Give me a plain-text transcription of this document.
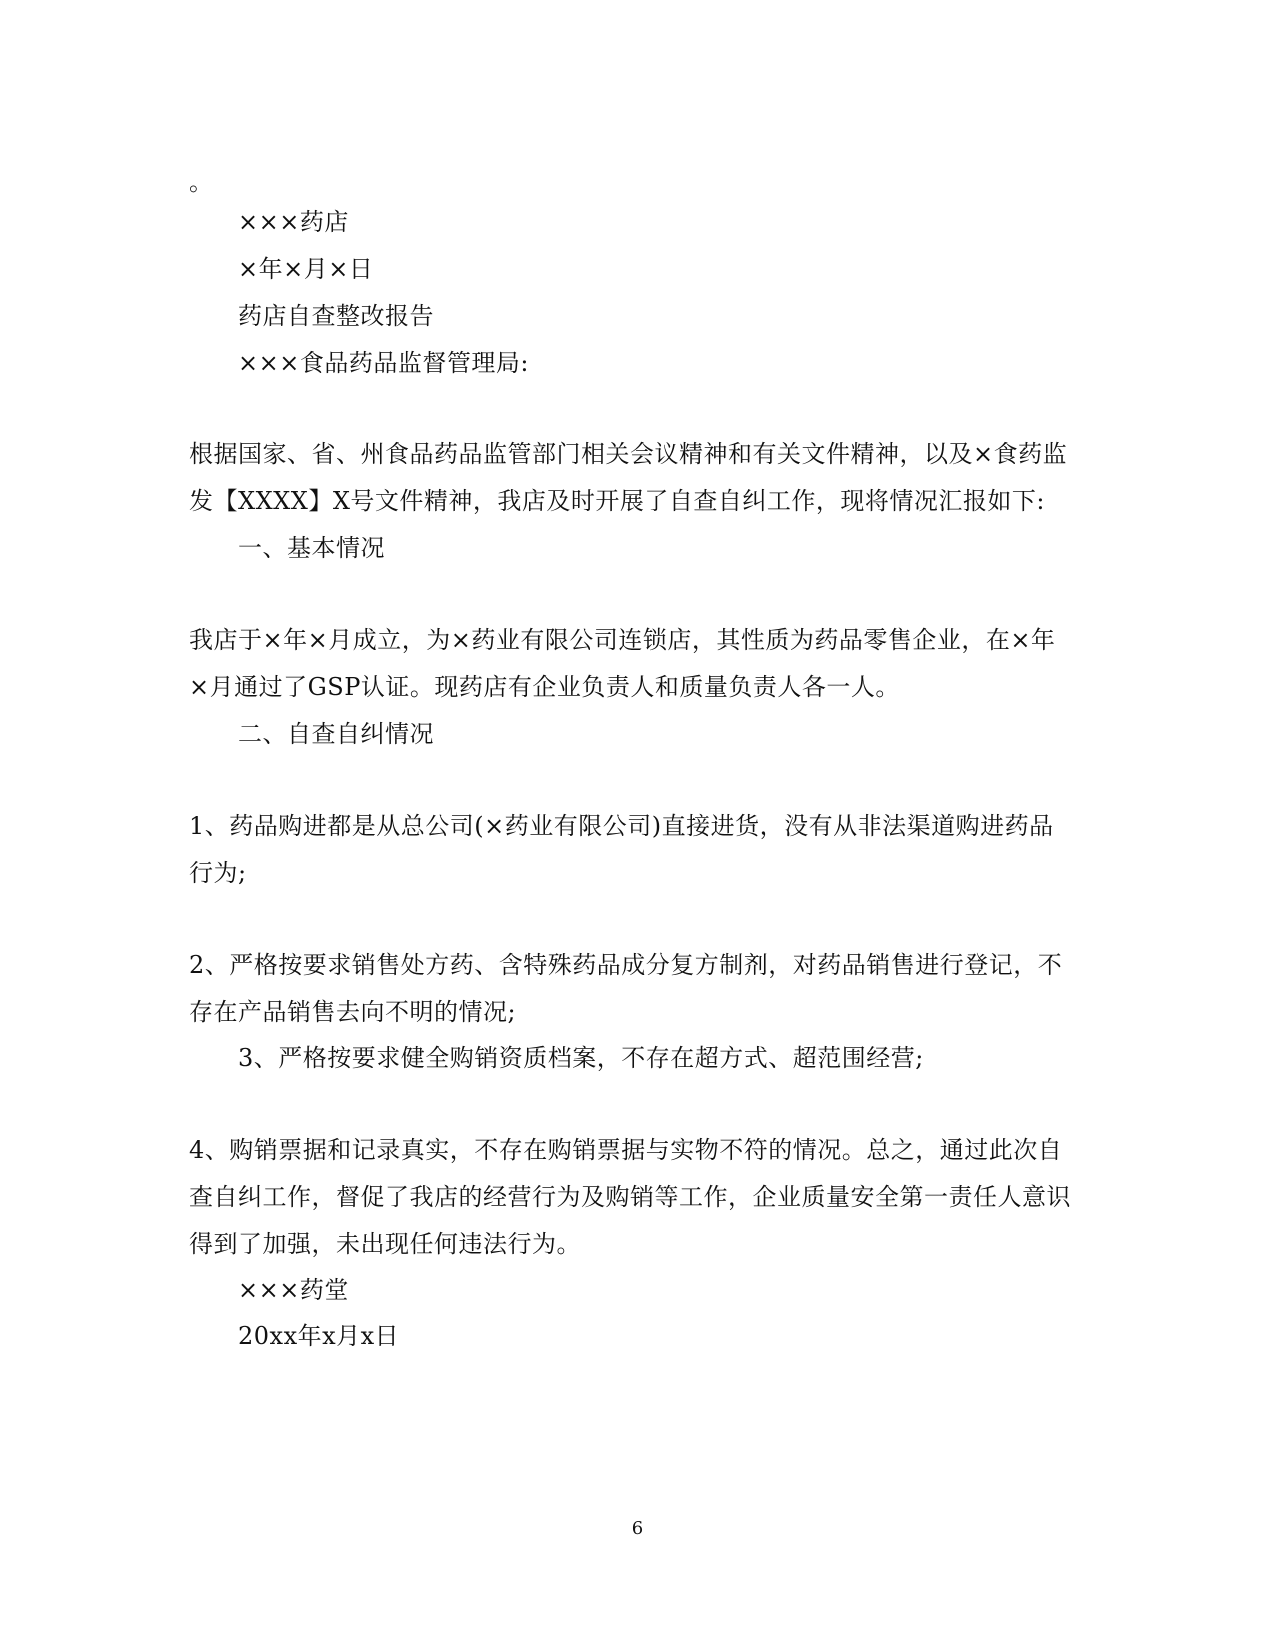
。
×××药店
×年×月×日
药店自查整改报告
×××食品药品监督管理局:
根据国家、省、州食品药品监管部门相关会议精神和有关文件精神，以及×食药监
发【XXXX】X号文件精神，我店及时开展了自查自纠工作，现将情况汇报如下:
一、基本情况
我店于×年×月成立，为×药业有限公司连锁店，其性质为药品零售企业，在×年
×月通过了GSP认证。现药店有企业负责人和质量负责人各一人。
二、自查自纠情况
1、药品购进都是从总公司(×药业有限公司)直接进货，没有从非法渠道购进药品
行为;
2、严格按要求销售处方药、含特殊药品成分复方制剂，对药品销售进行登记，不
存在产品销售去向不明的情况;
3、严格按要求健全购销资质档案，不存在超方式、超范围经营;
4、购销票据和记录真实，不存在购销票据与实物不符的情况。总之，通过此次自
查自纠工作，督促了我店的经营行为及购销等工作，企业质量安全第一责任人意识
得到了加强，未出现任何违法行为。
×××药堂
20xx年x月x日
6
